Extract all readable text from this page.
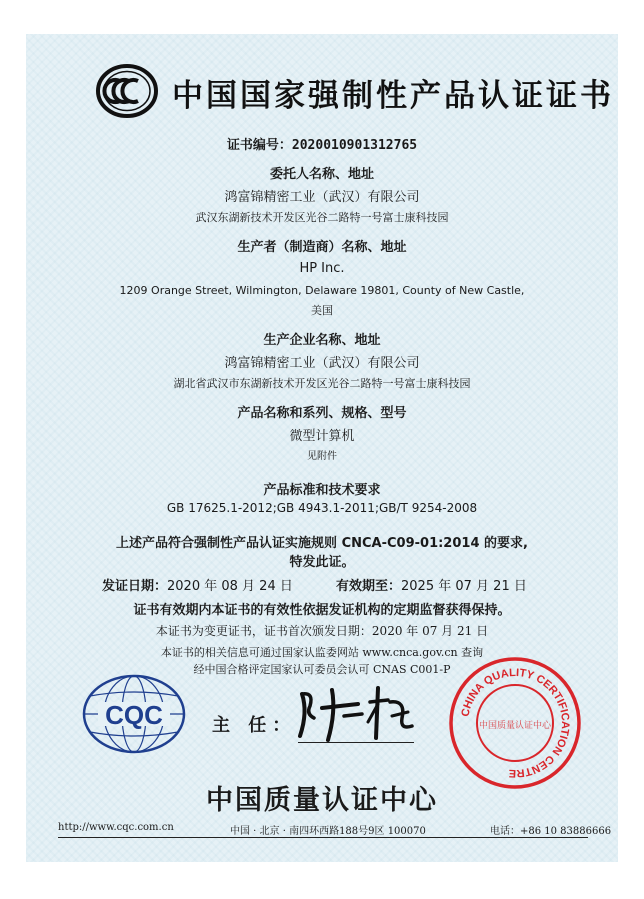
中国国家强制性产品认证证书
证书编号：2020010901312765
委托人名称、地址
鸿富锦精密工业（武汉）有限公司
武汉东湖新技术开发区光谷二路特一号富士康科技园
生产者（制造商）名称、地址
HP Inc.
1209 Orange Street, Wilmington, Delaware 19801, County of New Castle,
美国
生产企业名称、地址
鸿富锦精密工业（武汉）有限公司
湖北省武汉市东湖新技术开发区光谷二路特一号富士康科技园
产品名称和系列、规格、型号
微型计算机
见附件
产品标准和技术要求
GB 17625.1-2012;GB 4943.1-2011;GB/T 9254-2008
上述产品符合强制性产品认证实施规则 CNCA-C09-01:2014 的要求,
特发此证。
发证日期：2020 年 08 月 24 日	有效期至：2025 年 07 月 21 日
证书有效期内本证书的有效性依据发证机构的定期监督获得保持。
本证书为变更证书，证书首次颁发日期：2020 年 07 月 21 日
本证书的相关信息可通过国家认监委网站 www.cnca.gov.cn 查询
经中国合格评定国家认可委员会认可 CNAS C001-P
CQC	主 任：
CHINA QUALITY CERTIFICATION CENTRE
中国质量认证中心
中国质量认证中心
http://www.cqc.com.cn	中国 · 北京 · 南四环西路188号9区 100070	电话：+86 10 83886666
